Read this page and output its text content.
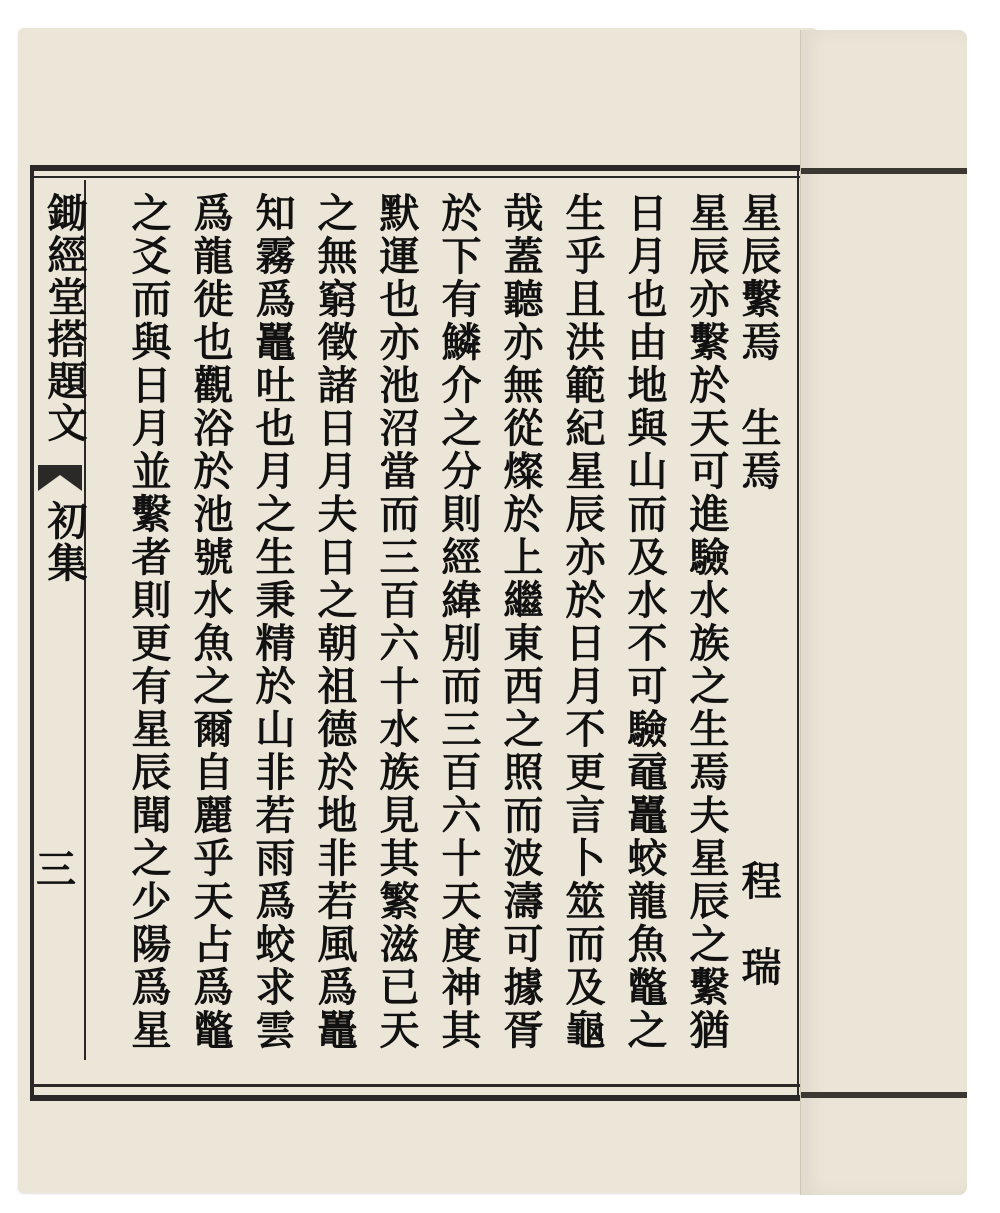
鋤經堂搭題文
初集
三
星辰繫焉　生焉
程　瑞
星辰亦繫於天可進驗水族之生焉夫星辰之繫猶
日月也由地與山而及水不可驗黿鼉蛟龍魚鼈之
生乎且洪範紀星辰亦於日月不更言卜筮而及龜
哉蓋聽亦無從燦於上繼東西之照而波濤可據胥
於下有鱗介之分則經緯別而三百六十天度神其
默運也亦池沼當而三百六十水族見其繁滋已天
之無窮徵諸日月夫日之朝祖德於地非若風爲鼉
知霧爲鼉吐也月之生秉精於山非若雨爲蛟求雲
爲龍徙也觀浴於池號水魚之爾自麗乎天占爲鼈
之爻而與日月並繫者則更有星辰聞之少陽爲星
